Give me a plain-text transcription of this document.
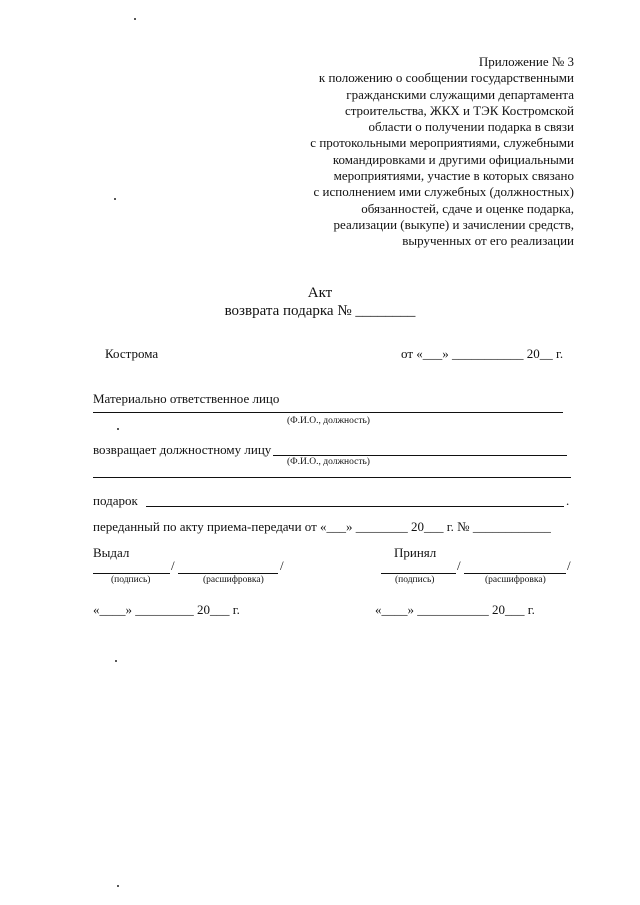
Приложение № 3
к положению о сообщении государственными
гражданскими служащими департамента
строительства, ЖКХ и ТЭК Костромской
области о получении подарка в связи
с протокольными мероприятиями, служебными
командировками и другими официальными
мероприятиями, участие в которых связано
с исполнением ими служебных (должностных)
обязанностей, сдаче и оценке подарка,
реализации (выкупе) и зачислении средств,
вырученных от его реализации
Акт
возврата подарка № ________
Кострома	от «___» ___________ 20__ г.
Материально ответственное лицо
(Ф.И.О., должность)
возвращает должностному лицу
(Ф.И.О., должность)
подарок	.
переданный по акту приема-передачи от «___» ________ 20___ г. № ____________
Выдал
/	/
(подпись)	(расшифровка)
«____» _________ 20___ г.
Принял
/	/
(подпись)	(расшифровка)
«____» ___________ 20___ г.
